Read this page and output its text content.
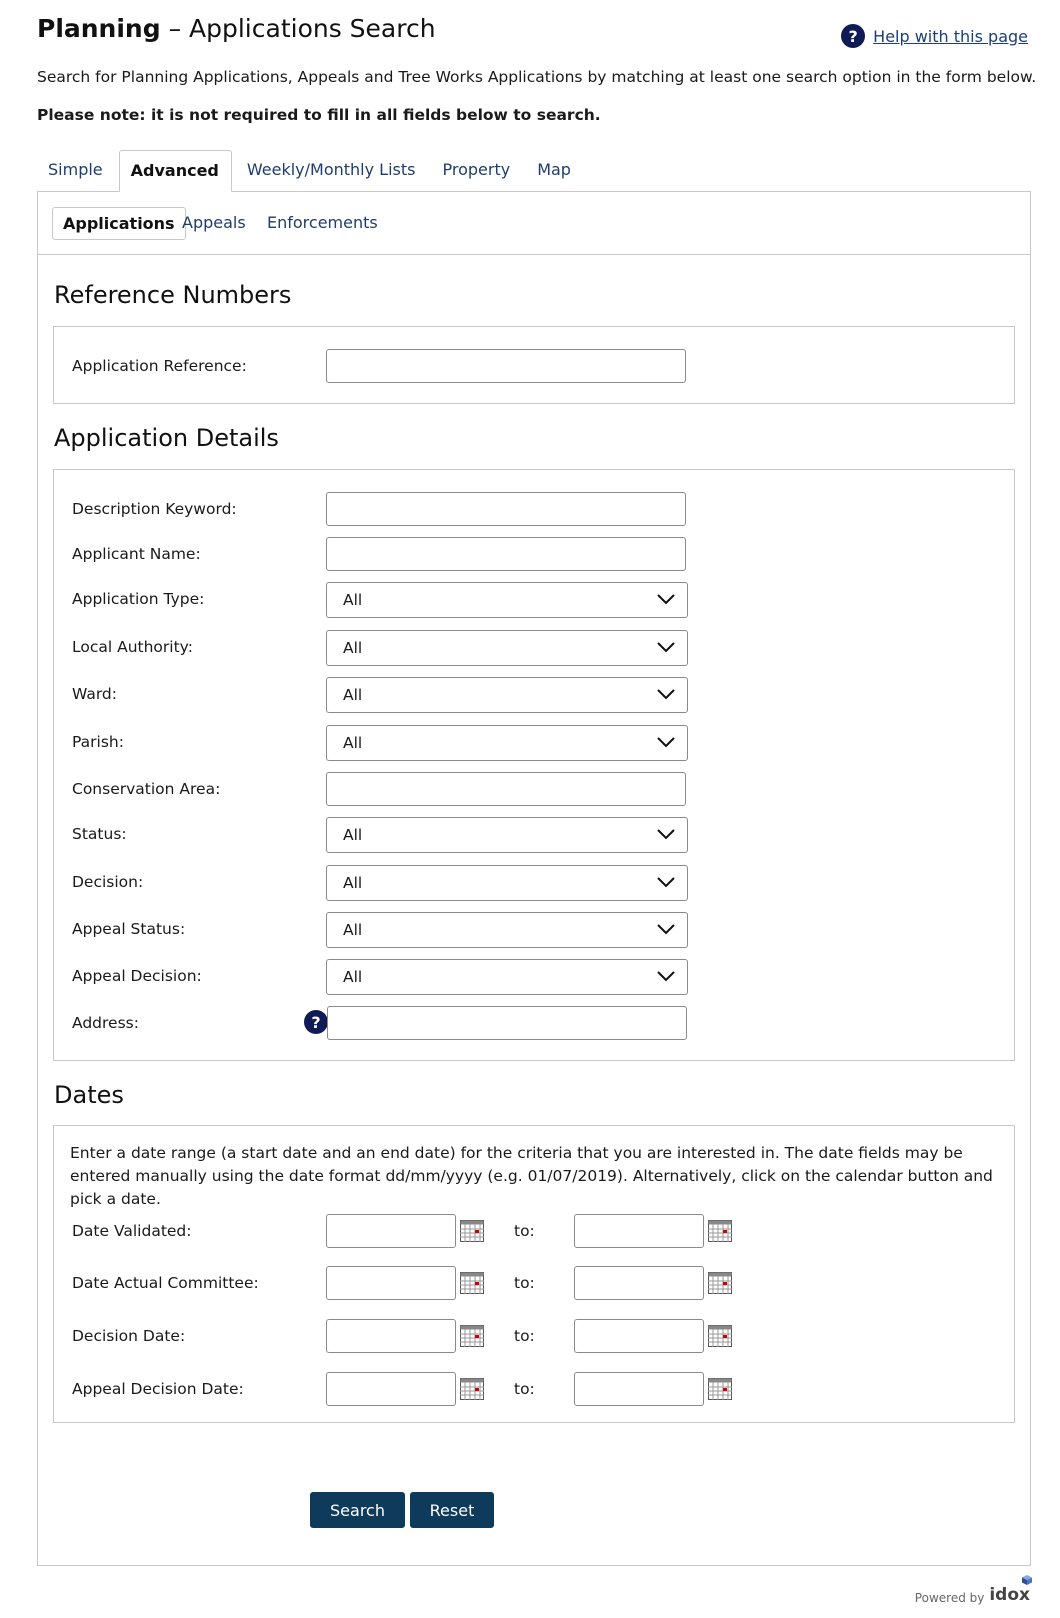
Planning – Applications Search	? Help with this page
Search for Planning Applications, Appeals and Tree Works Applications by matching at least one search option in the form below.
Please note: it is not required to fill in all fields below to search.
Simple	Advanced	Weekly/Monthly Lists	Property	Map
Applications Appeals	Enforcements
Reference Numbers
Application Reference:
Application Details
Description Keyword:
Applicant Name:
Application Type:	All
Local Authority:	All
Ward:	All
Parish:	All
Conservation Area:
Status:	All
Decision:	All
Appeal Status:	All
Appeal Decision:	All
Address:	?
Dates
Enter a date range (a start date and an end date) for the criteria that you are interested in. The date fields may be entered manually using the date format dd/mm/yyyy (e.g. 01/07/2019). Alternatively, click on the calendar button and pick a date.
Date Validated:	to:
Date Actual Committee:	to:
Decision Date:	to:
Appeal Decision Date:	to:
Search	Reset
Powered by idox
